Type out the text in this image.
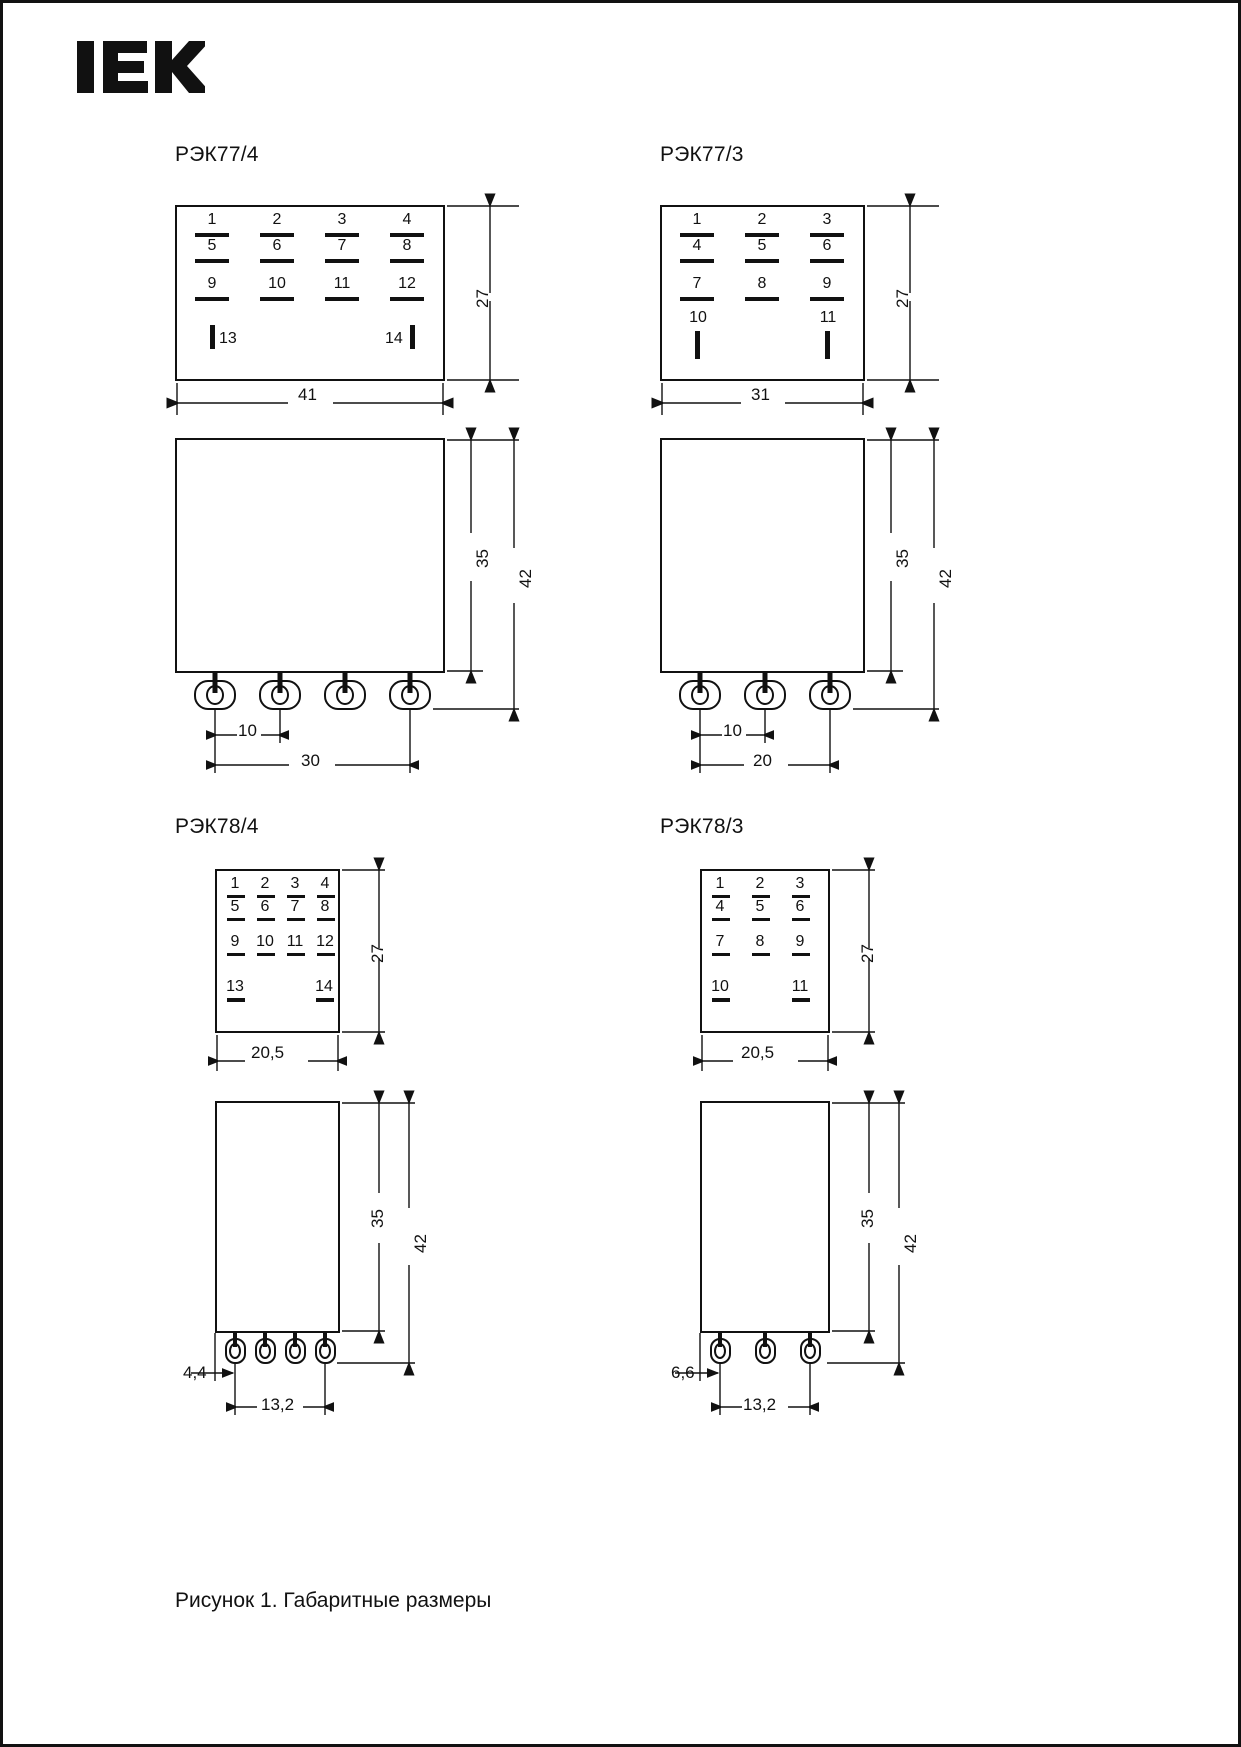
РЭК77/4	РЭК77/3
РЭК78/4	РЭК78/3
1	2	3	4
5	6	7	8
9	10	11	12
13	14
27
41
35
42
10
30
1	2	3
4	5	6
7	8	9
10	11
27
31
35
42
10
20
1	2	3	4
5	6	7	8
9	10 11 12
13	14
27
20,5
35
42
4,4
13,2
1	2	3
4	5	6
7	8	9
10	11
27
20,5
35
42
6,6
13,2
Рисунок 1. Габаритные размеры
